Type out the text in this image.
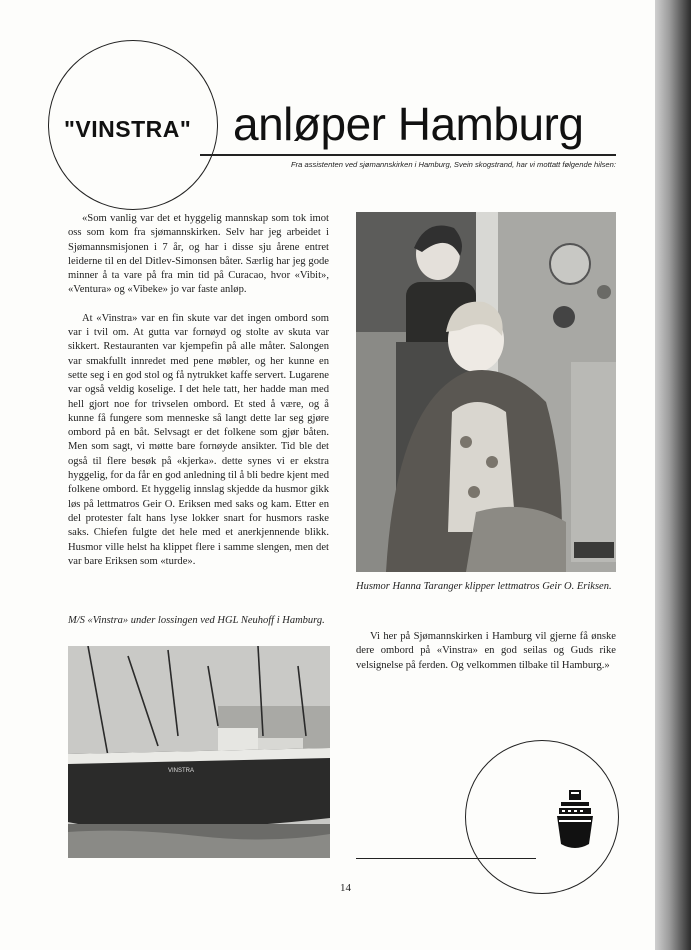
"VINSTRA" anløper Hamburg
Fra assistenten ved sjømannskirken i Hamburg, Svein skogstrand, har vi mottatt følgende hilsen:

«Som vanlig var det et hyggelig mannskap som tok imot oss som kom fra sjømannskirken. Selv har jeg arbeidet i Sjømannsmisjonen i 7 år, og har i disse sju årene entret leiderne til en del Ditlev-Simonsen båter. Særlig har jeg gode minner å ta vare på fra min tid på Curacao, hvor «Vibit», «Ventura» og «Vibeke» jo var faste anløp.

At «Vinstra» var en fin skute var det ingen ombord som var i tvil om. At gutta var fornøyd og stolte av skuta var sikkert. Restauranten var kjempefin på alle måter. Salongen var smakfullt innredet med pene møbler, og her kunne en sette seg i en god stol og få nytrukket kaffe servert. Lugarene var også veldig koselige. I det hele tatt, her hadde man med hell gjort noe for trivselen ombord. Et sted å være, og å kunne få fungere som menneske så langt dette lar seg gjøre ombord på en båt. Selvsagt er det folkene som gjør båten. Men som sagt, vi møtte bare fornøyde ansikter. Tid ble det også til flere besøk på «kjerka». dette synes vi er ekstra hyggelig, for da får en god anledning til å bli bedre kjent med folkene ombord. Et hyggelig innslag skjedde da husmor gikk løs på lettmatros Geir O. Eriksen med saks og kam. Etter en del protester falt hans lyse lokker snart for husmors raske saks. Chiefen fulgte det hele med et anerkjennende blikk. Husmor ville helst ha klippet flere i samme slengen, men det var bare Eriksen som «turde».

Husmor Hanna Taranger klipper lettmatros Geir O. Eriksen.
M/S «Vinstra» under lossingen ved HGL Neuhoff i Hamburg.
VINSTRA
Vi her på Sjømannskirken i Hamburg vil gjerne få ønske dere ombord på «Vinstra» en god seilas og Guds rike velsignelse på ferden. Og velkommen tilbake til Hamburg.»
14
